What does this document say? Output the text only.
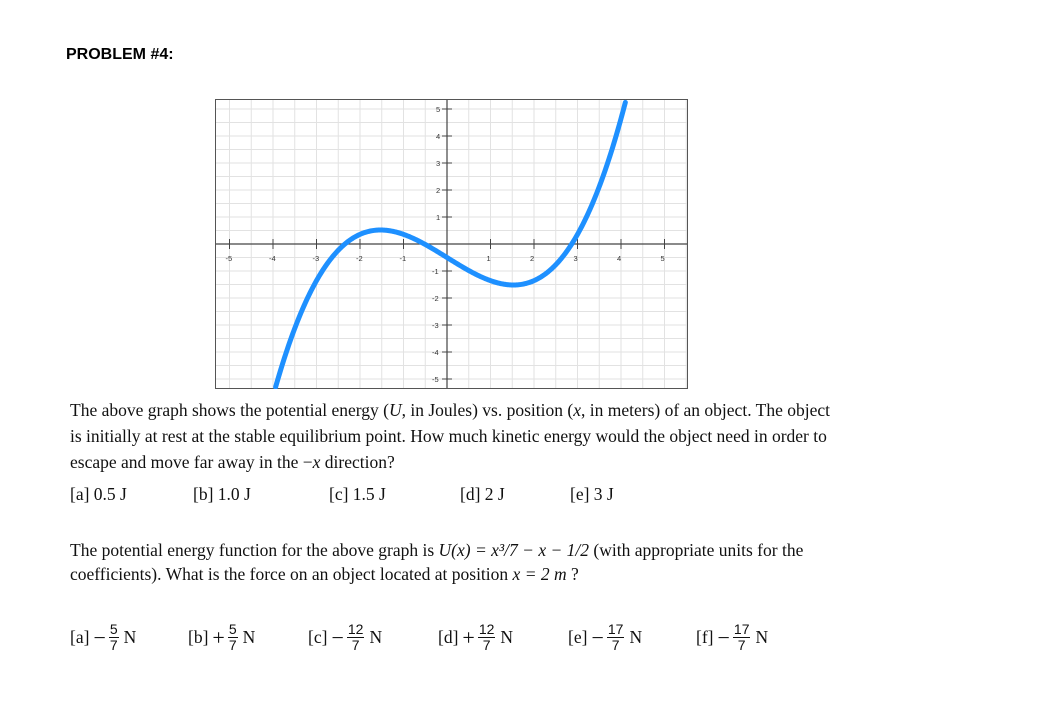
PROBLEM #4:
-5	-4	-3	-2	-1	1	2	3	4	5
5
4
3
2
1
-1
-2
-3
-4
-5

The above graph shows the potential energy (U, in Joules) vs. position (x, in meters) of an object. The object is initially at rest at the stable equilibrium point. How much kinetic energy would the object need in order to escape and move far away in the −x direction?

[a] 0.5 J	[b] 1.0 J	[c] 1.5 J	[d] 2 J	[e] 3 J

The potential energy function for the above graph is U(x) = x³/7 − x − 1/2 (with appropriate units for the coefficients). What is the force on an object located at position x = 2 m ?

$[a] - \frac{5}{7}$ N	$[b] + \frac{5}{7}$ N	$[c] - \frac{12}{7}$ N	$[d] + \frac{12}{7}$ N	$[e] - \frac{17}{7}$ N	$[f] - \frac{17}{7}$ N
